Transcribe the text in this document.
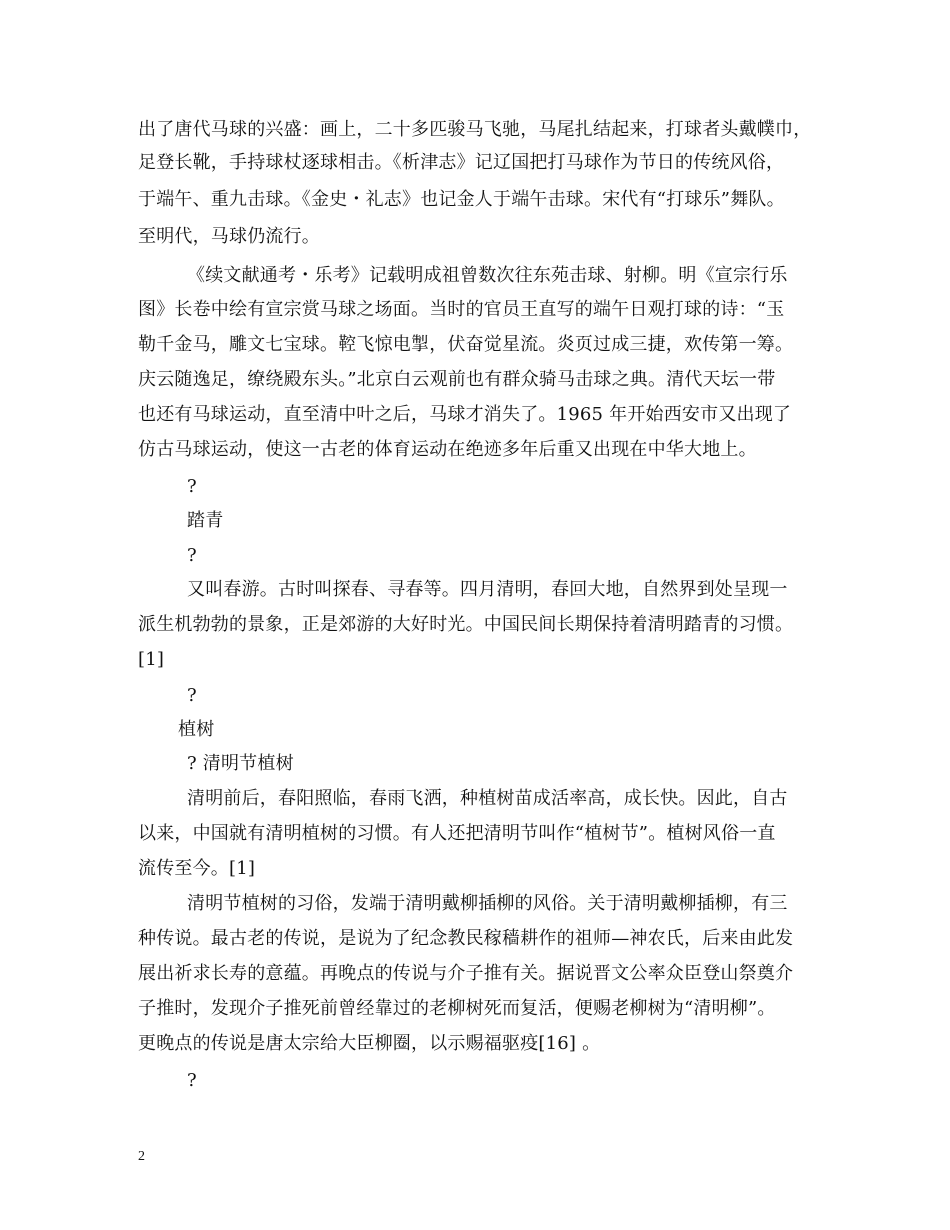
出了唐代马球的兴盛：画上，二十多匹骏马飞驰，马尾扎结起来，打球者头戴幞巾，
足登长靴，手持球杖逐球相击。《析津志》记辽国把打马球作为节日的传统风俗，
于端午、重九击球。《金史・礼志》也记金人于端午击球。宋代有“打球乐”舞队。
至明代，马球仍流行。
《续文献通考・乐考》记载明成祖曾数次往东苑击球、射柳。明《宣宗行乐
图》长卷中绘有宣宗赏马球之场面。当时的官员王直写的端午日观打球的诗：“玉
勒千金马，雕文七宝球。鞚飞惊电掣，伏奋觉星流。炎页过成三捷，欢传第一筹。
庆云随逸足，缭绕殿东头。”北京白云观前也有群众骑马击球之典。清代天坛一带
也还有马球运动，直至清中叶之后，马球才消失了。1965 年开始西安市又出现了
仿古马球运动，使这一古老的体育运动在绝迹多年后重又出现在中华大地上。
?
踏青
?
又叫春游。古时叫探春、寻春等。四月清明，春回大地，自然界到处呈现一
派生机勃勃的景象，正是郊游的大好时光。中国民间长期保持着清明踏青的习惯。
[1]
?
植树
? 清明节植树
清明前后，春阳照临，春雨飞洒，种植树苗成活率高，成长快。因此，自古
以来，中国就有清明植树的习惯。有人还把清明节叫作“植树节”。植树风俗一直
流传至今。[1]
清明节植树的习俗，发端于清明戴柳插柳的风俗。关于清明戴柳插柳，有三
种传说。最古老的传说，是说为了纪念教民稼穑耕作的祖师—神农氏，后来由此发
展出祈求长寿的意蕴。再晚点的传说与介子推有关。据说晋文公率众臣登山祭奠介
子推时，发现介子推死前曾经靠过的老柳树死而复活，便赐老柳树为“清明柳”。
更晚点的传说是唐太宗给大臣柳圈，以示赐福驱疫[16] 。
?
2
